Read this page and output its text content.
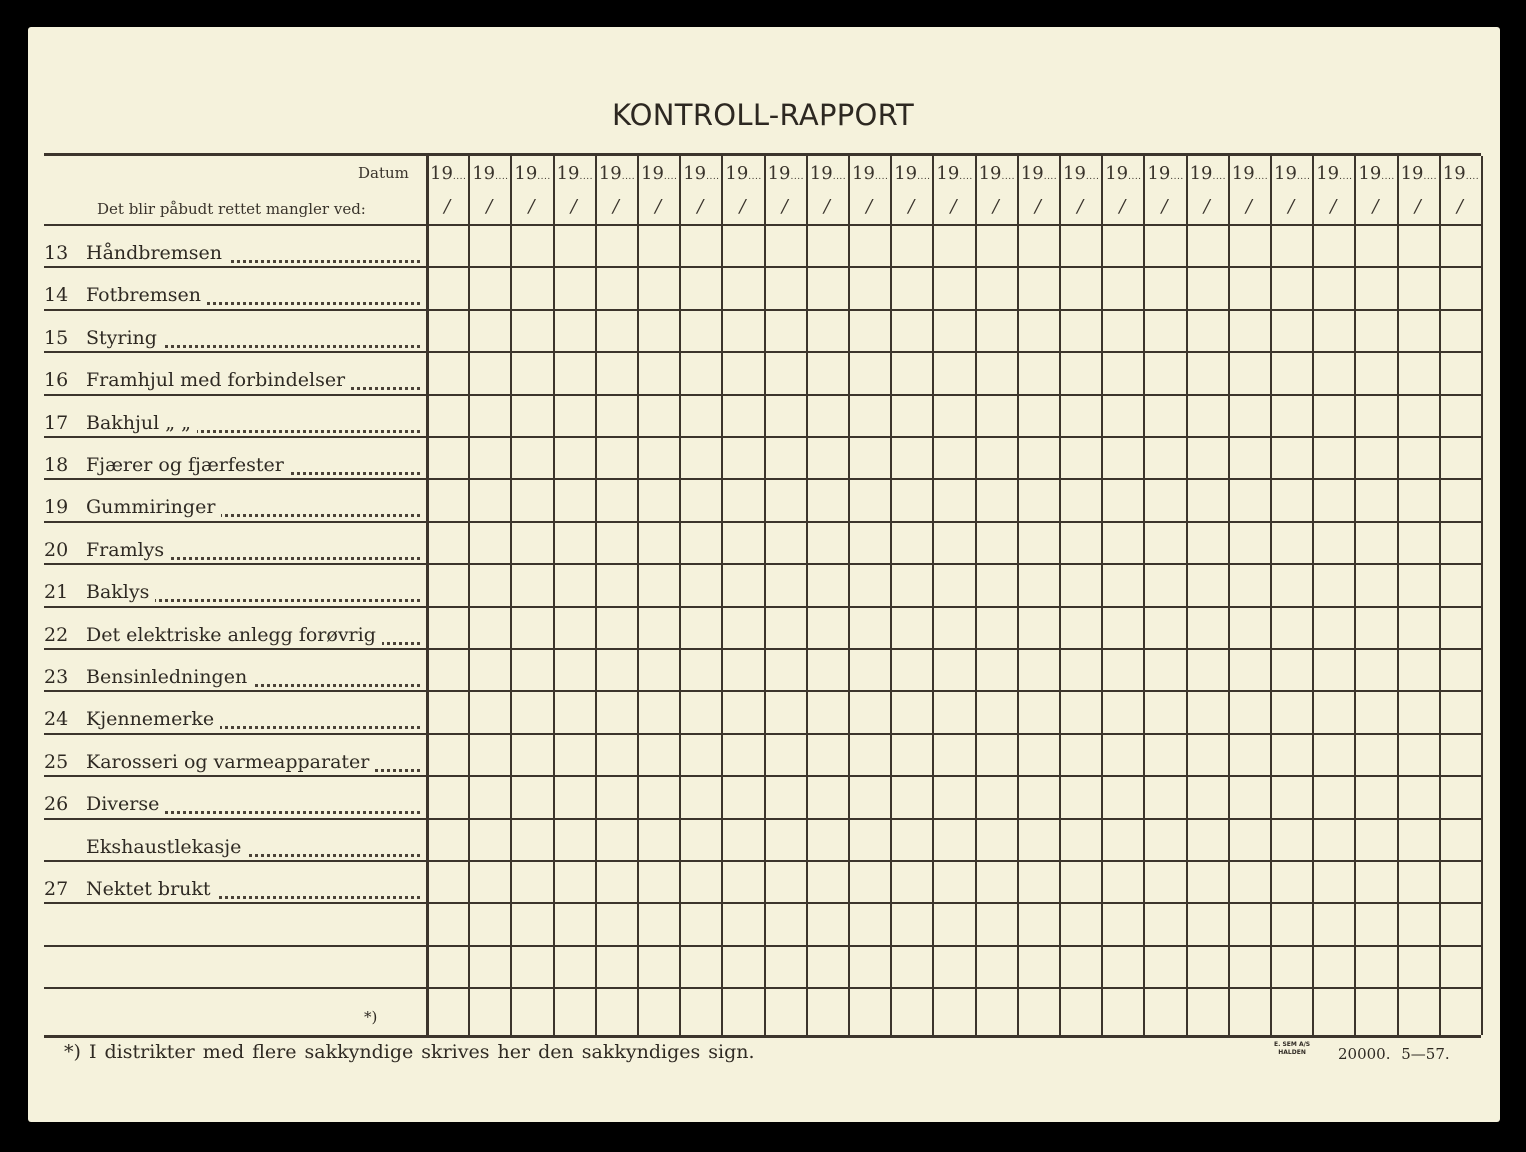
KONTROLL-RAPPORT
Datum
Det blir påbudt rettet mangler ved:
19....
/
19....
/
19....
/
19....
/
19....
/
19....
/
19....
/
19....
/
19....
/
19....
/
19....
/
19....
/
19....
/
19....
/
19....
/
19....
/
19....
/
19....
/
19....
/
19....
/
19....
/
19....
/
19....
/
19....
/
19....
/
13 Håndbremsen
14 Fotbremsen
15 Styring
16 Framhjul med forbindelser
17 Bakhjul „ „
18 Fjærer og fjærfester
19 Gummiringer
20 Framlys
21 Baklys
22 Det elektriske anlegg forøvrig
23 Bensinledningen
24 Kjennemerke
25 Karosseri og varmeapparater
26 Diverse
Ekshaustlekasje
27 Nektet brukt
*)
*) I distrikter med flere sakkyndige skrives her den sakkyndiges sign.	E. SEM A/S
HALDEN 20000. 5—57.
